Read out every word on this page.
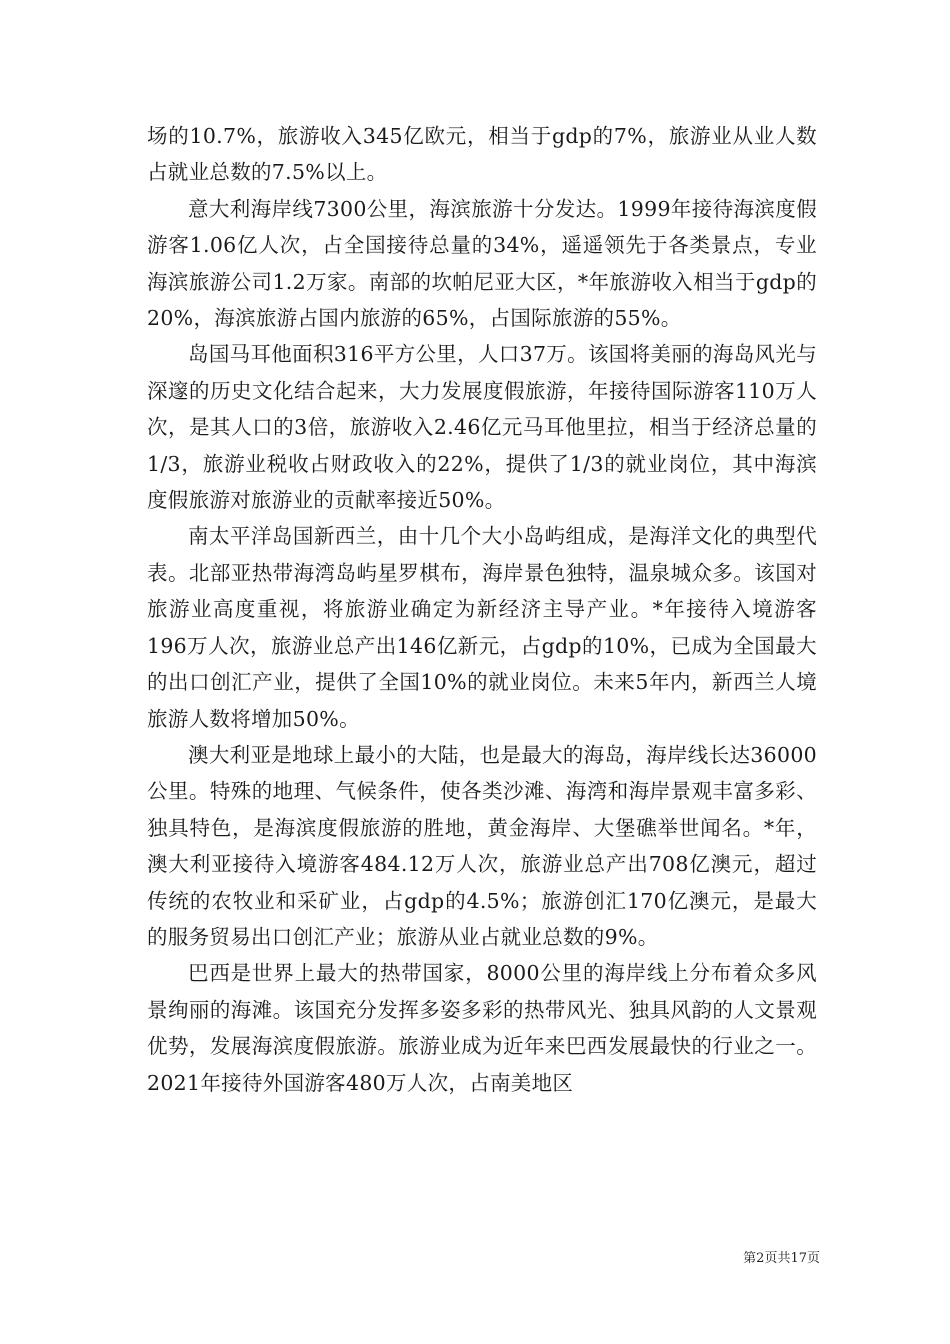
场的10.7%，旅游收入345亿欧元，相当于gdp的7%，旅游业从业人数占就业总数的7.5%以上。

意大利海岸线7300公里，海滨旅游十分发达。1999年接待海滨度假游客1.06亿人次，占全国接待总量的34%，遥遥领先于各类景点，专业海滨旅游公司1.2万家。南部的坎帕尼亚大区，*年旅游收入相当于gdp的20%，海滨旅游占国内旅游的65%，占国际旅游的55%。

岛国马耳他面积316平方公里，人口37万。该国将美丽的海岛风光与深邃的历史文化结合起来，大力发展度假旅游，年接待国际游客110万人次，是其人口的3倍，旅游收入2.46亿元马耳他里拉，相当于经济总量的1/3，旅游业税收占财政收入的22%，提供了1/3的就业岗位，其中海滨度假旅游对旅游业的贡献率接近50%。

南太平洋岛国新西兰，由十几个大小岛屿组成，是海洋文化的典型代表。北部亚热带海湾岛屿星罗棋布，海岸景色独特，温泉城众多。该国对旅游业高度重视，将旅游业确定为新经济主导产业。*年接待入境游客196万人次，旅游业总产出146亿新元，占gdp的10%，已成为全国最大的出口创汇产业，提供了全国10%的就业岗位。未来5年内，新西兰人境旅游人数将增加50%。

澳大利亚是地球上最小的大陆，也是最大的海岛，海岸线长达36000公里。特殊的地理、气候条件，使各类沙滩、海湾和海岸景观丰富多彩、独具特色，是海滨度假旅游的胜地，黄金海岸、大堡礁举世闻名。*年，澳大利亚接待入境游客484.12万人次，旅游业总产出708亿澳元，超过传统的农牧业和采矿业，占gdp的4.5%；旅游创汇170亿澳元，是最大的服务贸易出口创汇产业；旅游从业占就业总数的9%。

巴西是世界上最大的热带国家，8000公里的海岸线上分布着众多风景绚丽的海滩。该国充分发挥多姿多彩的热带风光、独具风韵的人文景观优势，发展海滨度假旅游。旅游业成为近年来巴西发展最快的行业之一。2021年接待外国游客480万人次，占南美地区

第2页共17页
